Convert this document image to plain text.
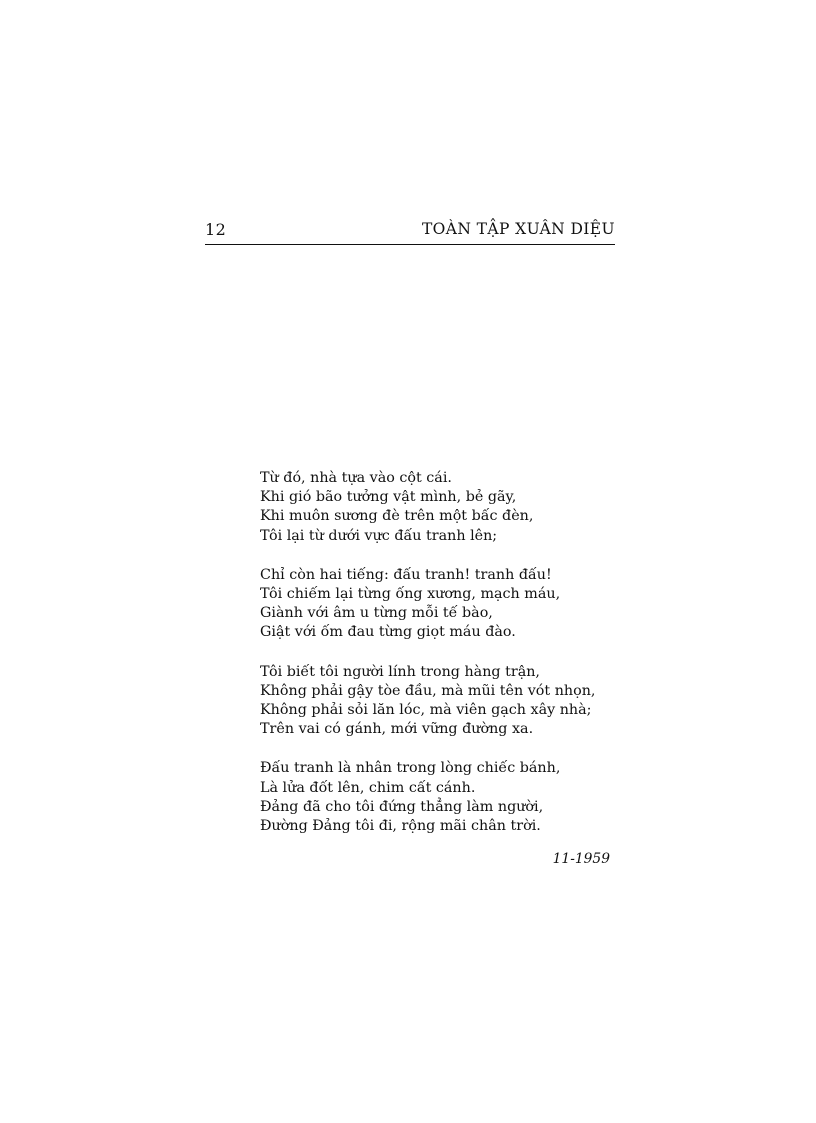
12	TOÀN TẬP XUÂN DIỆU
Từ đó, nhà tựa vào cột cái.
Khi gió bão tưởng vật mình, bẻ gãy,
Khi muôn sương đè trên một bấc đèn,
Tôi lại từ dưới vực đấu tranh lên;
Chỉ còn hai tiếng: đấu tranh! tranh đấu!
Tôi chiếm lại từng ống xương, mạch máu,
Giành với âm u từng mỗi tế bào,
Giật với ốm đau từng giọt máu đào.
Tôi biết tôi người lính trong hàng trận,
Không phải gậy tòe đầu, mà mũi tên vót nhọn,
Không phải sỏi lăn lóc, mà viên gạch xây nhà;
Trên vai có gánh, mới vững đường xa.
Đấu tranh là nhân trong lòng chiếc bánh,
Là lửa đốt lên, chim cất cánh.
Đảng đã cho tôi đứng thẳng làm người,
Đường Đảng tôi đi, rộng mãi chân trời.
11-1959
